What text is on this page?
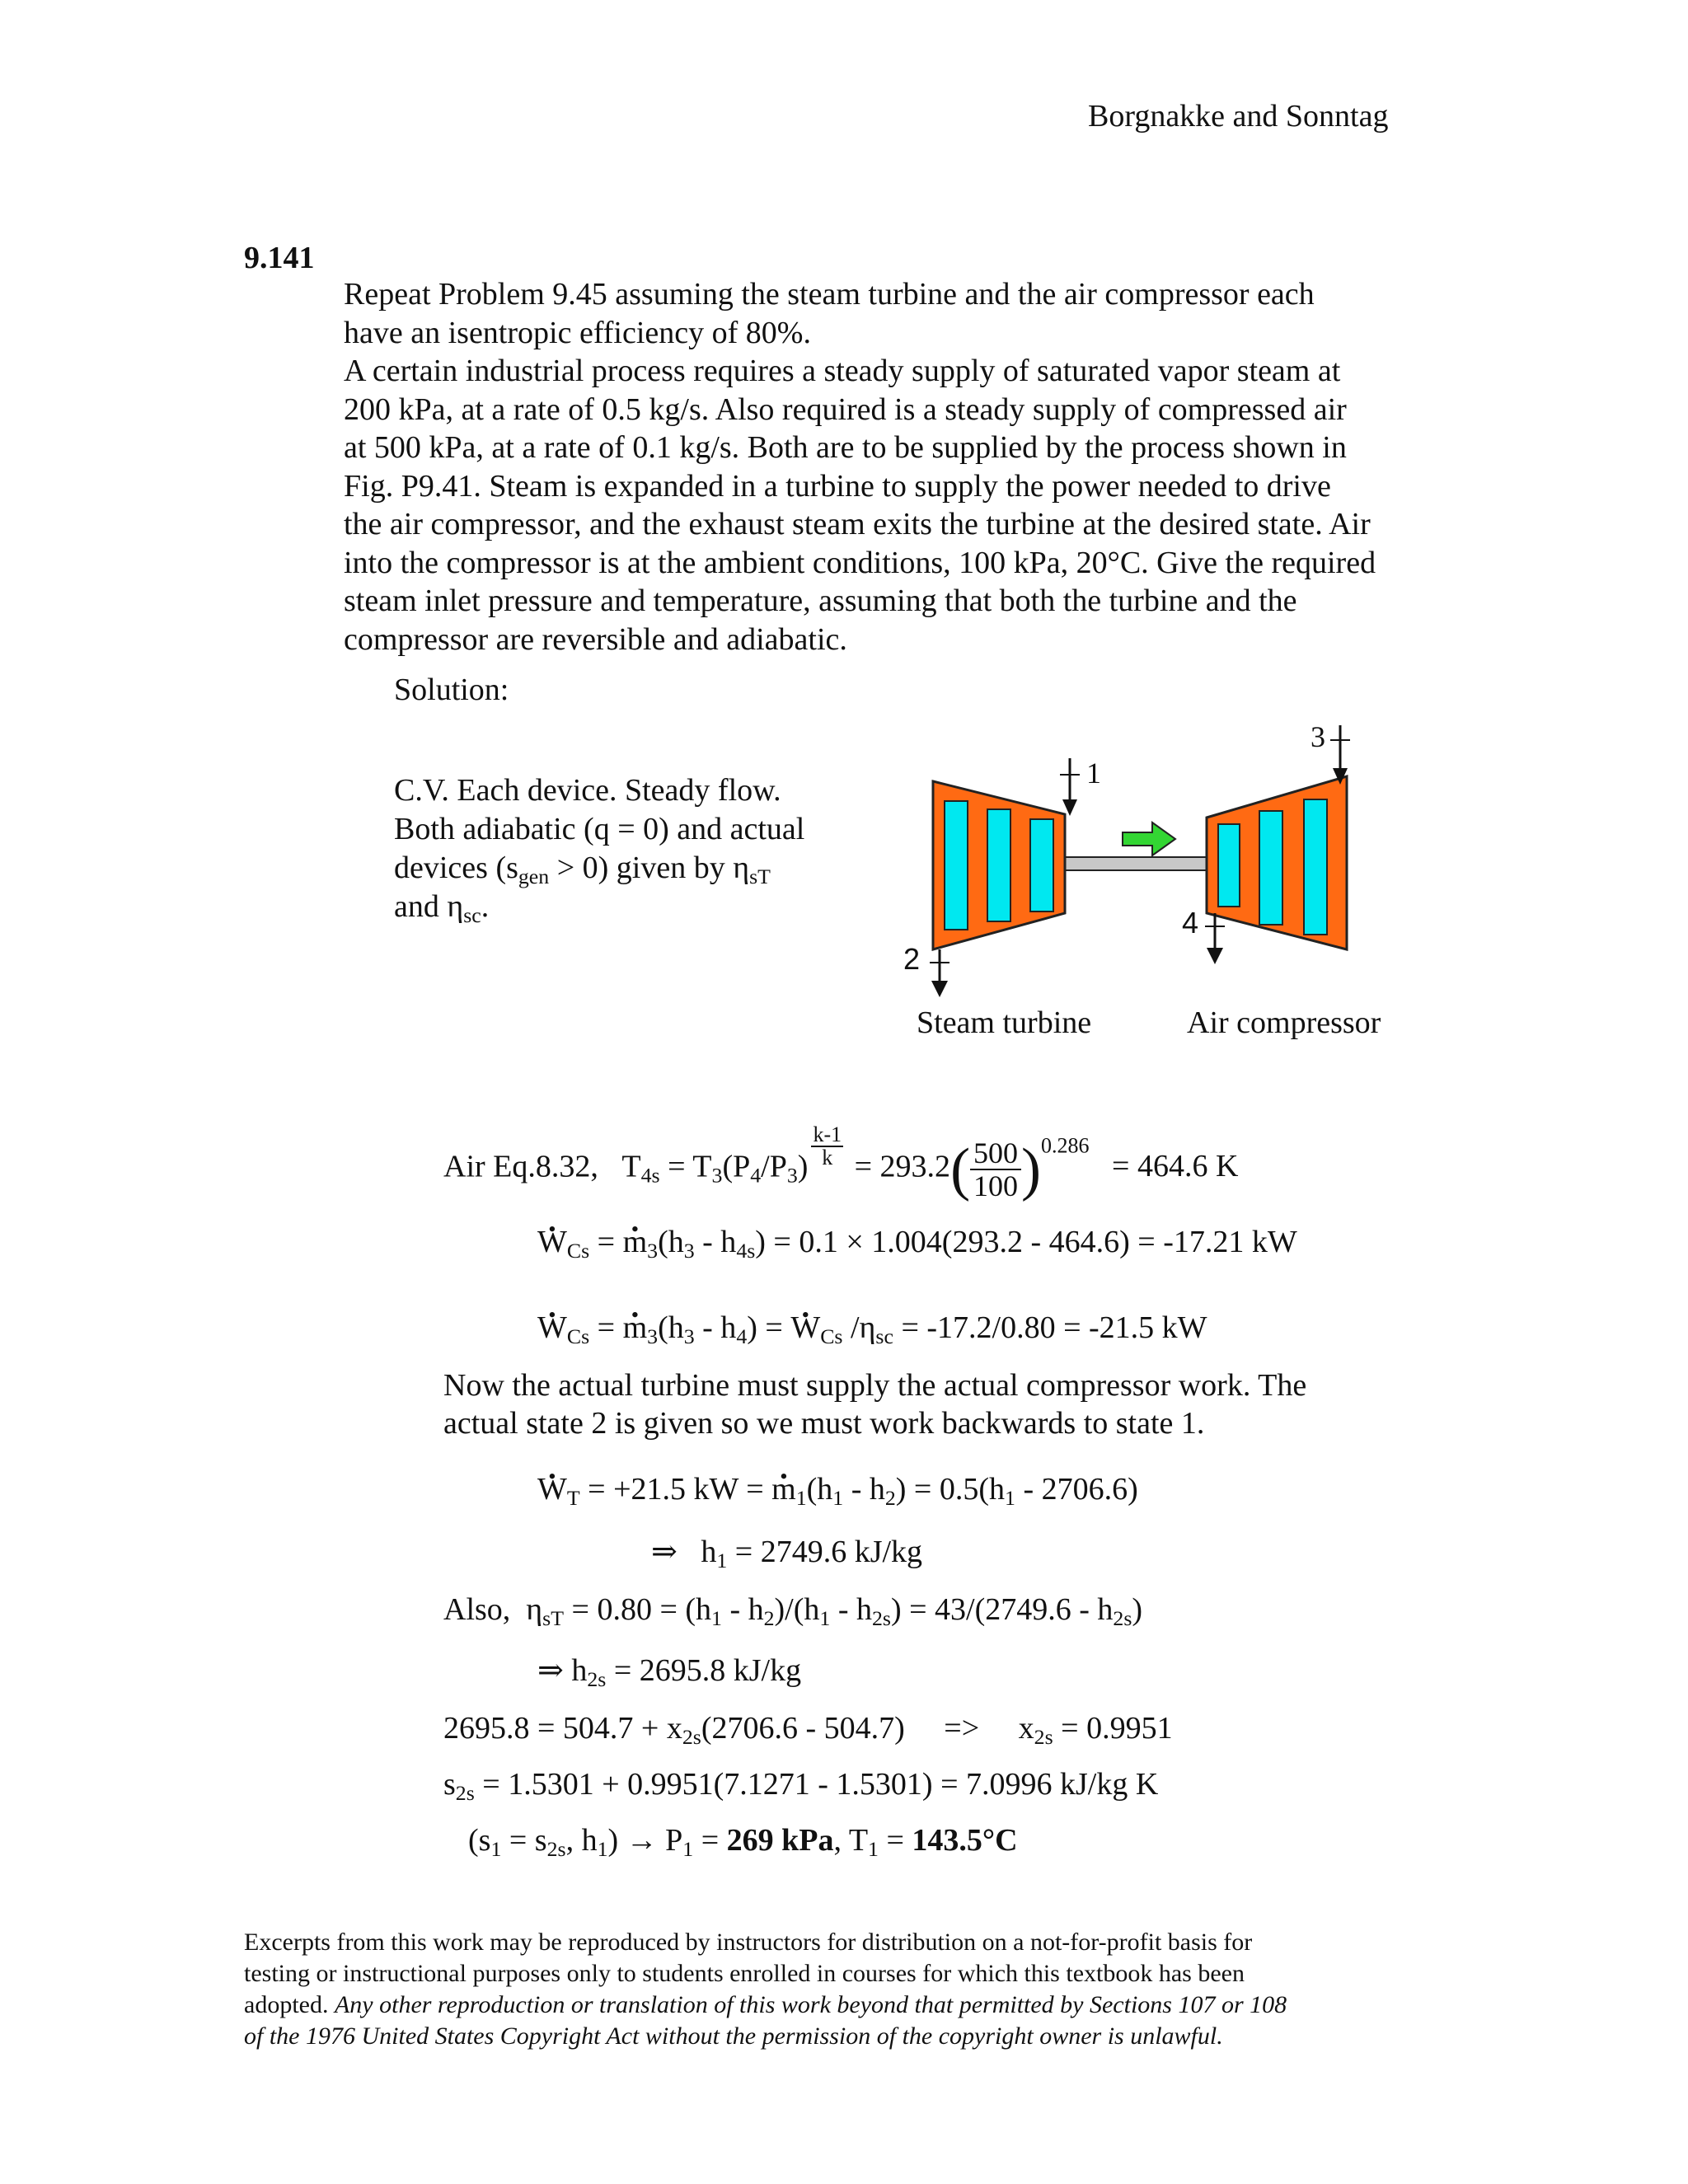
Borgnakke and Sonntag
9.141
Repeat Problem 9.45 assuming the steam turbine and the air compressor each
have an isentropic efficiency of 80%.
A certain industrial process requires a steady supply of saturated vapor steam at
200 kPa, at a rate of 0.5 kg/s. Also required is a steady supply of compressed air
at 500 kPa, at a rate of 0.1 kg/s. Both are to be supplied by the process shown in
Fig. P9.41. Steam is expanded in a turbine to supply the power needed to drive
the air compressor, and the exhaust steam exits the turbine at the desired state. Air
into the compressor is at the ambient conditions, 100 kPa, 20°C. Give the required
steam inlet pressure and temperature, assuming that both the turbine and the
compressor are reversible and adiabatic.
Solution:
C.V. Each device. Steady flow.
Both adiabatic (q = 0) and actual
devices $(s_{gen} > 0)$ given by $\eta_{sT}$
and $\eta_{sc}$.
1
2
3
4
Steam turbine	Air compressor
Air Eq.8.32, $T_{4s} = T_3(P_4/P_3) \frac{k-1}{k} = 293.2( \frac{500}{100} )^{0.286} = 464.6$ K
• $W_{Cs}$ = • $m_3(h_3 - h_{4s}) = 0.1 \times 1.004(293.2 - 464.6) = -17.21$ kW
• $W_{Cs}$ = • $m_3(h_3 - h_4)$ = • $W_{Cs}$ $/\eta_{sc} = -17.2/0.80 = -21.5$ kW
Now the actual turbine must supply the actual compressor work. The
actual state 2 is given so we must work backwards to state 1.
• $W_T = +21.5$ kW = • $m_1(h_1 - h_2) = 0.5(h_1 - 2706.6)$
⇒   $h_1 = 2749.6$ kJ/kg
Also,  $\eta_{sT} = 0.80 = (h_1 - h_2)/(h_1 - h_{2s}) = 43/(2749.6 - h_{2s})$
⇒ $h_{2s} = 2695.8$ kJ/kg
$2695.8 = 504.7 + x_{2s}(2706.6 - 504.7)$     =>     $x_{2s} = 0.9951$
$s_{2s} = 1.5301 + 0.9951(7.1271 - 1.5301) = 7.0996$ kJ/kg K
($s_1 = s_{2s}$, $h_1) \to P_1 = 269$ kPa, $T_1 = 143.5^\circ C$
Excerpts from this work may be reproduced by instructors for distribution on a not-for-profit basis for
testing or instructional purposes only to students enrolled in courses for which this textbook has been
adopted. Any other reproduction or translation of this work beyond that permitted by Sections 107 or 108
of the 1976 United States Copyright Act without the permission of the copyright owner is unlawful.
